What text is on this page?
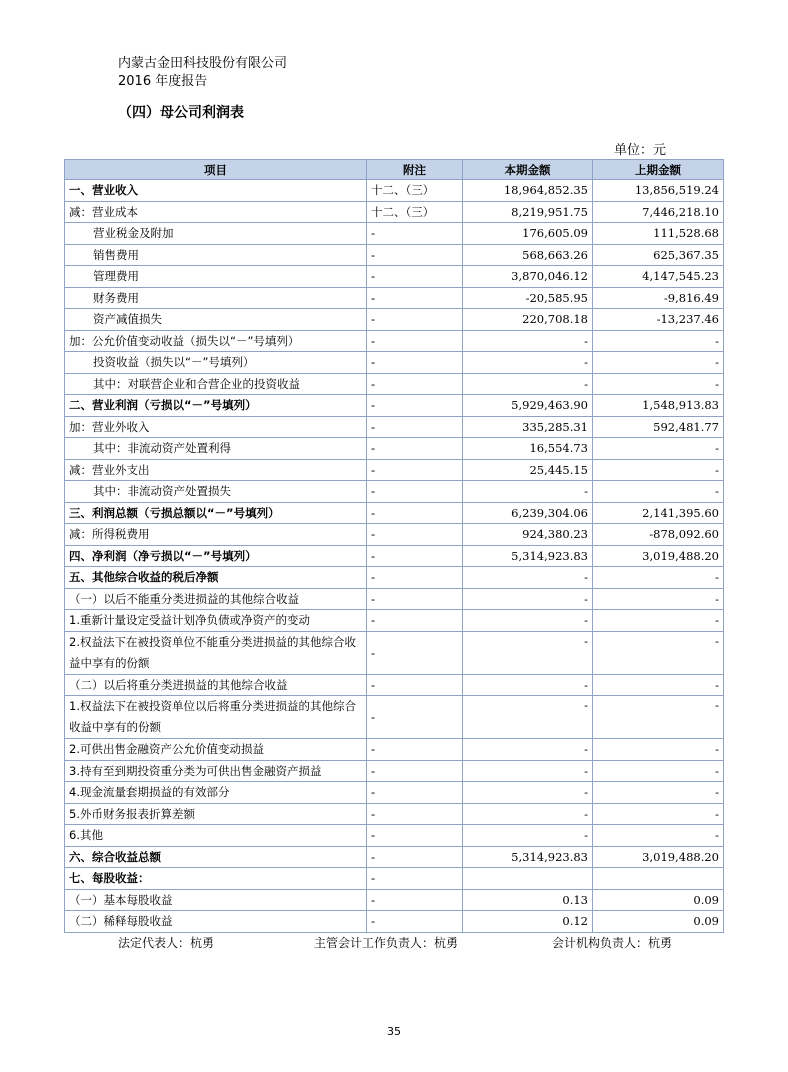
内蒙古金田科技股份有限公司
2016 年度报告
（四）母公司利润表
单位：元
项目	附注	本期金额	上期金额
一、营业收入	十二、（三）	18,964,852.35	13,856,519.24
减：营业成本	十二、（三）	8,219,951.75	7,446,218.10
营业税金及附加	-	176,605.09	111,528.68
销售费用	-	568,663.26	625,367.35
管理费用	-	3,870,046.12	4,147,545.23
财务费用	-	-20,585.95	-9,816.49
资产减值损失	-	220,708.18	-13,237.46
加：公允价值变动收益（损失以“－”号填列）	-	-	-
投资收益（损失以“－”号填列）	-	-	-
其中：对联营企业和合营企业的投资收益	-	-	-
二、营业利润（亏损以“－”号填列）	-	5,929,463.90	1,548,913.83
加：营业外收入	-	335,285.31	592,481.77
其中：非流动资产处置利得	-	16,554.73	-
减：营业外支出	-	25,445.15	-
其中：非流动资产处置损失	-	-	-
三、利润总额（亏损总额以“－”号填列）	-	6,239,304.06	2,141,395.60
减：所得税费用	-	924,380.23	-878,092.60
四、净利润（净亏损以“－”号填列）	-	5,314,923.83	3,019,488.20
五、其他综合收益的税后净额	-	-	-
（一）以后不能重分类进损益的其他综合收益	-	-	-
1.重新计量设定受益计划净负债或净资产的变动	-	-	-
2.权益法下在被投资单位不能重分类进损益的其他综合收益中享有的份额	-	-	-
（二）以后将重分类进损益的其他综合收益	-	-	-
1.权益法下在被投资单位以后将重分类进损益的其他综合收益中享有的份额	-	-	-
2.可供出售金融资产公允价值变动损益	-	-	-
3.持有至到期投资重分类为可供出售金融资产损益	-	-	-
4.现金流量套期损益的有效部分	-	-	-
5.外币财务报表折算差额	-	-	-
6.其他	-	-	-
六、综合收益总额	-	5,314,923.83	3,019,488.20
七、每股收益：	-		
（一）基本每股收益	-	0.13	0.09
（二）稀释每股收益	-	0.12	0.09
法定代表人：杭勇	主管会计工作负责人：杭勇	会计机构负责人：杭勇
35
